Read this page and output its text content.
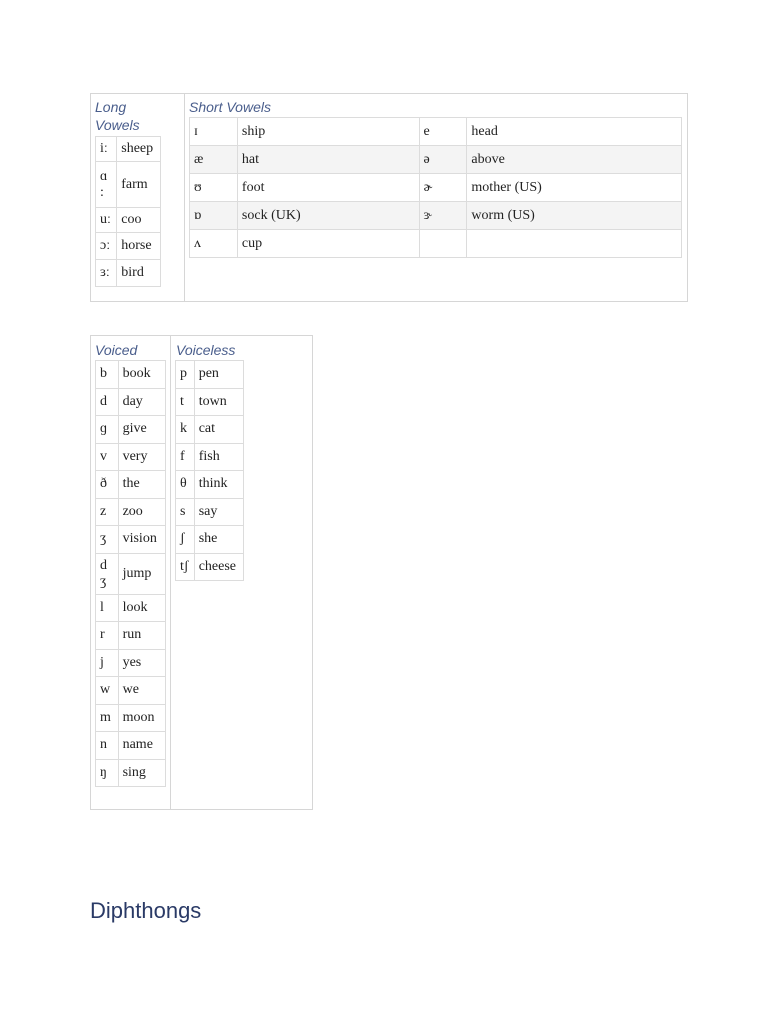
Long
Vowels
iː	sheep
ɑ
:	farm
uː	coo
ɔː	horse
ɜː	bird
Short Vowels
ɪ	ship	e	head
æ	hat	ə	above
ʊ	foot	ɚ	mother (US)
ɒ	sock (UK)	ɝ	worm (US)
ʌ	cup		
Voiced
b	book
d	day
ɡ	give
v	very
ð	the
z	zoo
ʒ	vision
d
ʒ	jump
l	look
r	run
j	yes
w	we
m	moon
n	name
ŋ	sing
Voiceless
p	pen
t	town
k	cat
f	fish
θ	think
s	say
ʃ	she
tʃ	cheese
Diphthongs
